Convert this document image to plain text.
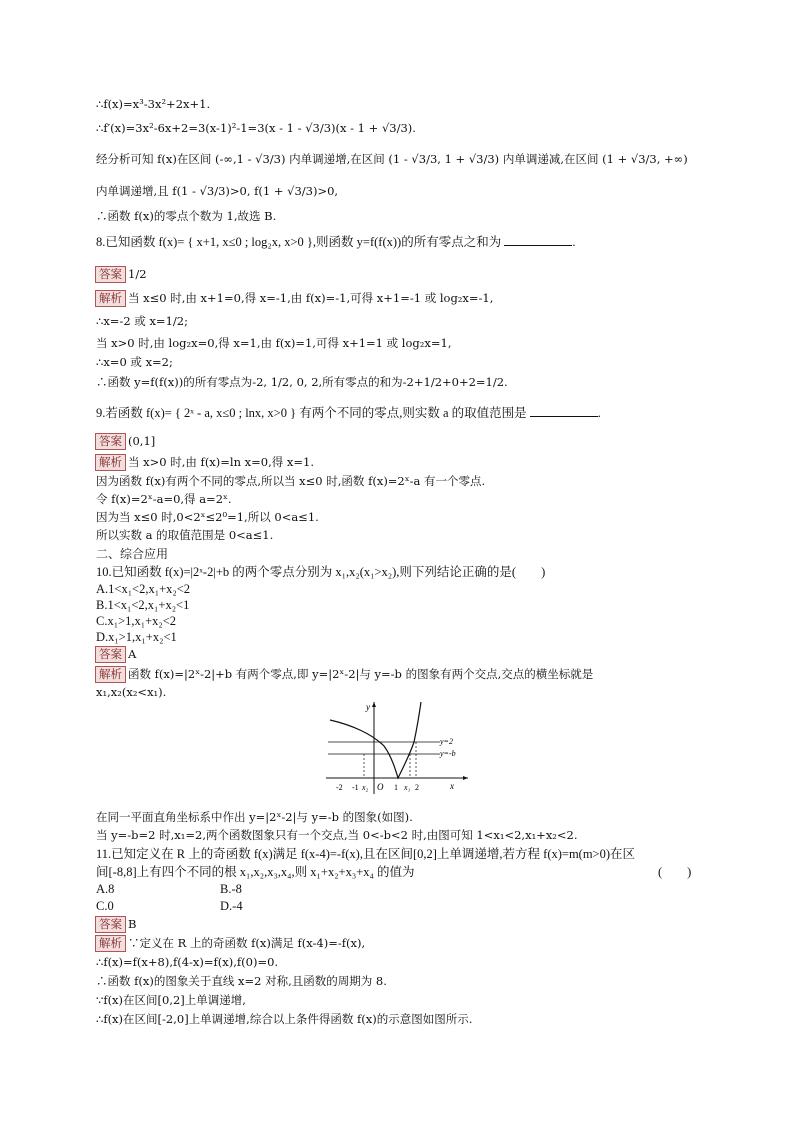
∴f(x)=x³-3x²+2x+1.
∴f′(x)=3x²-6x+2=3(x-1)²-1=3(x - 1 - √3/3)(x - 1 + √3/3).
经分析可知 f(x)在区间 (-∞,1 - √3/3) 内单调递增,在区间 (1 - √3/3, 1 + √3/3) 内单调递减,在区间 (1 + √3/3, +∞)
内单调递增,且 f(1 - √3/3)>0, f(1 + √3/3)>0,
∴函数 f(x)的零点个数为 1,故选 B.
8.已知函数 f(x)= { x+1, x≤0 ; log₂x, x>0 },则函数 y=f(f(x))的所有零点之和为	.
答案 1/2
解析 当 x≤0 时,由 x+1=0,得 x=-1,由 f(x)=-1,可得 x+1=-1 或 log₂x=-1,
∴x=-2 或 x=1/2;
当 x>0 时,由 log₂x=0,得 x=1,由 f(x)=1,可得 x+1=1 或 log₂x=1,
∴x=0 或 x=2;
∴函数 y=f(f(x))的所有零点为-2, 1/2, 0, 2,所有零点的和为-2+1/2+0+2=1/2.
9.若函数 f(x)= { 2ˣ - a, x≤0 ; lnx, x>0 } 有两个不同的零点,则实数 a 的取值范围是	.
答案 (0,1]
解析 当 x>0 时,由 f(x)=ln x=0,得 x=1.
因为函数 f(x)有两个不同的零点,所以当 x≤0 时,函数 f(x)=2ˣ-a 有一个零点.
令 f(x)=2ˣ-a=0,得 a=2ˣ.
因为当 x≤0 时,0<2ˣ≤2⁰=1,所以 0<a≤1.
所以实数 a 的取值范围是 0<a≤1.
二、综合应用
10.已知函数 f(x)=|2ˣ-2|+b 的两个零点分别为 x₁,x₂(x₁>x₂),则下列结论正确的是(　　)
A.1<x₁<2,x₁+x₂<2
B.1<x₁<2,x₁+x₂<1
C.x₁>1,x₁+x₂<2
D.x₁>1,x₁+x₂<1
答案 A
解析 函数 f(x)=|2ˣ-2|+b 有两个零点,即 y=|2ˣ-2|与 y=-b 的图象有两个交点,交点的横坐标就是
x₁,x₂(x₂<x₁).
y
x
O
-2 -1 x₂	1 x₁ 2
y=2
y=-b
在同一平面直角坐标系中作出 y=|2ˣ-2|与 y=-b 的图象(如图).
当 y=-b=2 时,x₁=2,两个函数图象只有一个交点,当 0<-b<2 时,由图可知 1<x₁<2,x₁+x₂<2.
11.已知定义在 R 上的奇函数 f(x)满足 f(x-4)=-f(x),且在区间[0,2]上单调递增,若方程 f(x)=m(m>0)在区
间[-8,8]上有四个不同的根 x₁,x₂,x₃,x₄,则 x₁+x₂+x₃+x₄ 的值为	(　　)
A.8	B.-8
C.0	D.-4
答案 B
解析 ∵定义在 R 上的奇函数 f(x)满足 f(x-4)=-f(x),
∴f(x)=f(x+8),f(4-x)=f(x),f(0)=0.
∴函数 f(x)的图象关于直线 x=2 对称,且函数的周期为 8.
∵f(x)在区间[0,2]上单调递增,
∴f(x)在区间[-2,0]上单调递增,综合以上条件得函数 f(x)的示意图如图所示.
